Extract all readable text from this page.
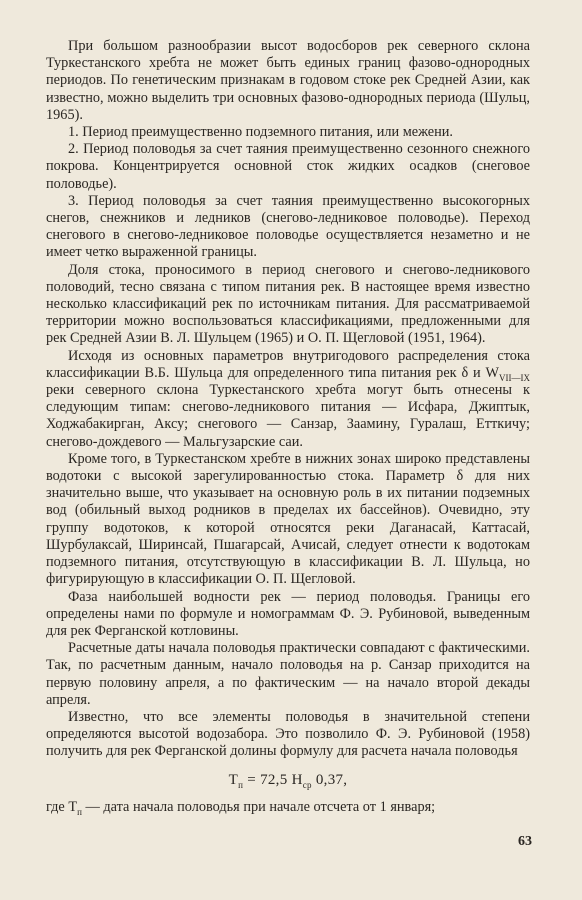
При большом разнообразии высот водосборов рек северного склона Туркестанского хребта не может быть единых границ фазово-однородных периодов. По генетическим признакам в годовом стоке рек Средней Азии, как известно, можно выделить три основных фазово-однородных периода (Шульц, 1965).

1. Период преимущественно подземного питания, или межени.

2. Период половодья за счет таяния преимущественно сезонного снежного покрова. Концентрируется основной сток жидких осадков (снеговое половодье).

3. Период половодья за счет таяния преимущественно высокогорных снегов, снежников и ледников (снегово-ледниковое половодье). Переход снегового в снегово-ледниковое половодье осуществляется незаметно и не имеет четко выраженной границы.

Доля стока, проносимого в период снегового и снегово-ледникового половодий, тесно связана с типом питания рек. В настоящее время известно несколько классификаций рек по источникам питания. Для рассматриваемой территории можно воспользоваться классификациями, предложенными для рек Средней Азии В. Л. Шульцем (1965) и О. П. Щегловой (1951, 1964).

Исходя из основных параметров внутригодового распределения стока классификации В.Б. Шульца для определенного типа питания рек δ и $W_{VII—IX}$ реки северного склона Туркестанского хребта могут быть отнесены к следующим типам: снегово-ледникового питания — Исфара, Джиптык, Ходжабакирган, Аксу; снегового — Санзар, Заамину, Гуралаш, Етткичу; снегово-дождевого — Мальгузарские саи.

Кроме того, в Туркестанском хребте в нижних зонах широко представлены водотоки с высокой зарегулированностью стока. Параметр δ для них значительно выше, что указывает на основную роль в их питании подземных вод (обильный выход родников в пределах их бассейнов). Очевидно, эту группу водотоков, к которой относятся реки Даганасай, Каттасай, Шурбулаксай, Ширинсай, Пшагарсай, Ачисай, следует отнести к водотокам подземного питания, отсутствующую в классификации В. Л. Шульца, но фигурирующую в классификации О. П. Щегловой.

Фаза наибольшей водности рек — период половодья. Границы его определены нами по формуле и номограммам Ф. Э. Рубиновой, выведенным для рек Ферганской котловины.

Расчетные даты начала половодья практически совпадают с фактическими. Так, по расчетным данным, начало половодья на р. Санзар приходится на первую половину апреля, а по фактическим — на начало второй декады апреля.

Известно, что все элементы половодья в значительной степени определяются высотой водозабора. Это позволило Ф. Э. Рубиновой (1958) получить для рек Ферганской долины формулу для расчета начала половодья

$T_п = 72,5$ $H_{ср}$ 0,37,

где $T_п$ — дата начала половодья при начале отсчета от 1 января;

63
